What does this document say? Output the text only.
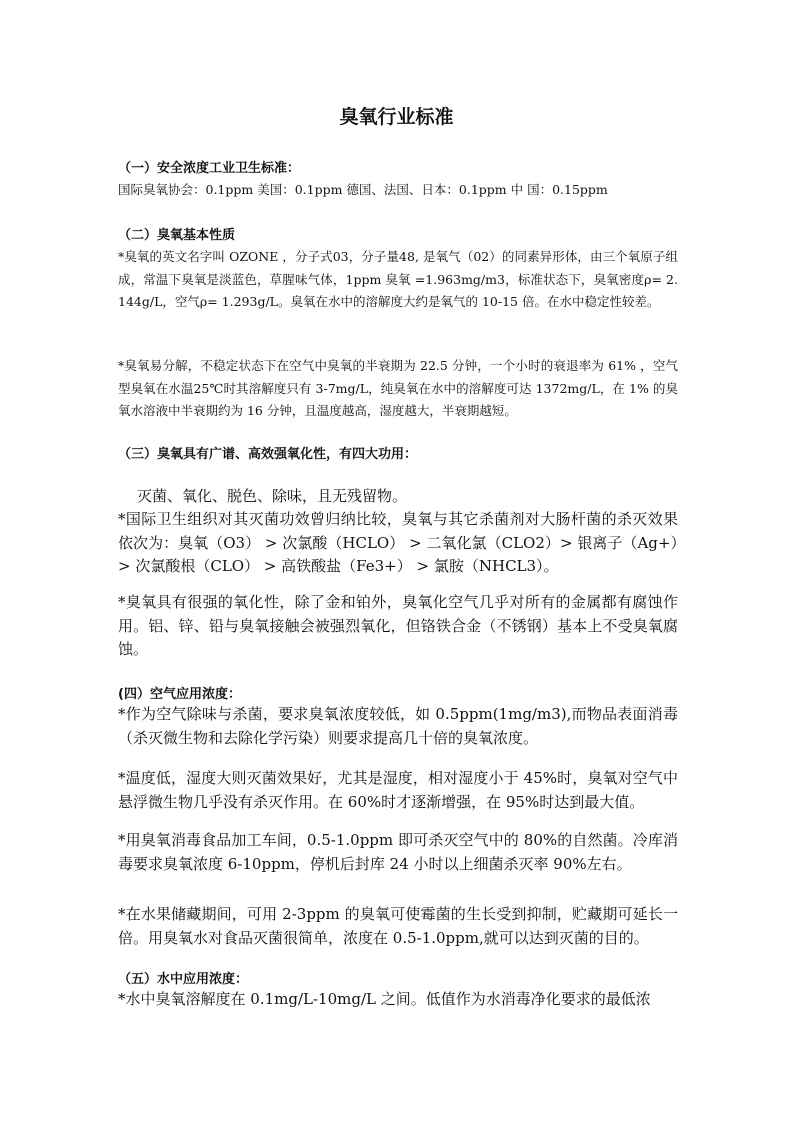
臭氧行业标准
（一）安全浓度工业卫生标准：

国际臭氧协会：0.1ppm 美国：0.1ppm 德国、法国、日本：0.1ppm 中 国：0.15ppm

（二）臭氧基本性质

*臭氧的英文名字叫 OZONE ，分子式03，分子量48, 是氧气（02）的同素异形体，由三个氧原子组成，常温下臭氧是淡蓝色，草腥味气体，1ppm 臭氧 =1.963mg/m3，标准状态下，臭氧密度ρ= 2.144g/L，空气ρ= 1.293g/L。臭氧在水中的溶解度大约是氧气的 10-15 倍。在水中稳定性较差。

*臭氧易分解，不稳定状态下在空气中臭氧的半衰期为 22.5 分钟，一个小时的衰退率为 61% ，空气型臭氧在水温25℃时其溶解度只有 3-7mg/L，纯臭氧在水中的溶解度可达 1372mg/L，在 1% 的臭氧水溶液中半衰期约为 16 分钟，且温度越高，湿度越大，半衰期越短。

（三）臭氧具有广谱、高效强氧化性，有四大功用：

灭菌、氧化、脱色、除味，且无残留物。

*国际卫生组织对其灭菌功效曾归纳比较，臭氧与其它杀菌剂对大肠杆菌的杀灭效果依次为：臭氧（O3） > 次氯酸（HCLO） > 二氧化氯（CLO2）> 银离子（Ag+）> 次氯酸根（CLO） > 高铁酸盐（Fe3+） > 氯胺（NHCL3）。

*臭氧具有很强的氧化性，除了金和铂外，臭氧化空气几乎对所有的金属都有腐蚀作用。铝、锌、铅与臭氧接触会被强烈氧化，但铬铁合金（不锈钢）基本上不受臭氧腐蚀。

(四）空气应用浓度：

*作为空气除味与杀菌，要求臭氧浓度较低，如 0.5ppm(1mg/m3),而物品表面消毒（杀灭微生物和去除化学污染）则要求提高几十倍的臭氧浓度。

*温度低，湿度大则灭菌效果好，尤其是湿度，相对湿度小于 45%时，臭氧对空气中悬浮微生物几乎没有杀灭作用。在 60%时才逐渐增强，在 95%时达到最大值。

*用臭氧消毒食品加工车间，0.5-1.0ppm 即可杀灭空气中的 80%的自然菌。冷库消毒要求臭氧浓度 6-10ppm，停机后封库 24 小时以上细菌杀灭率 90%左右。

*在水果储藏期间，可用 2-3ppm 的臭氧可使霉菌的生长受到抑制，贮藏期可延长一倍。用臭氧水对食品灭菌很简单，浓度在 0.5-1.0ppm,就可以达到灭菌的目的。

（五）水中应用浓度：

*水中臭氧溶解度在 0.1mg/L-10mg/L 之间。低值作为水消毒净化要求的最低浓
